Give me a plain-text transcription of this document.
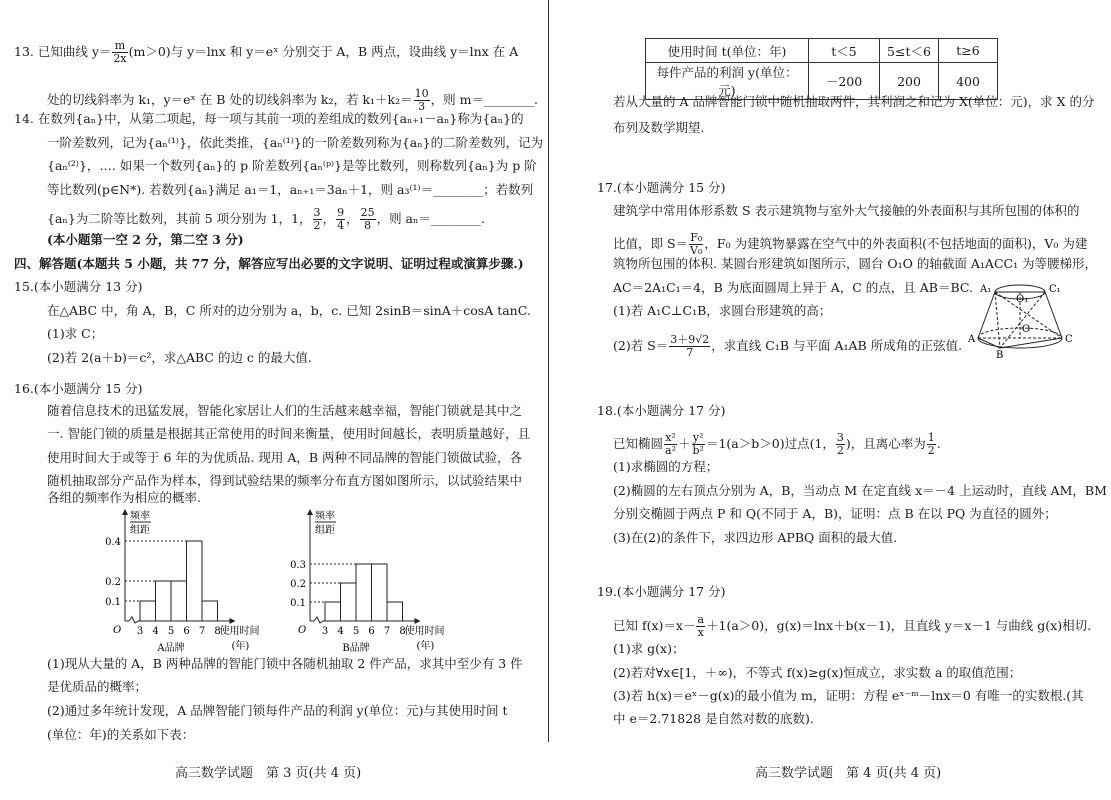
13. 已知曲线 $y= \frac{m}{2x} (m>0)$与 y＝lnx 和 y＝eˣ 分别交于 A，B 两点，设曲线 y＝lnx 在 A
处的切线斜率为 k₁，y＝eˣ 在 B 处的切线斜率为 k₂，若 $k_1+k_2= \frac{10}{3}$ ，则 m＝________.
14. 在数列{aₙ}中，从第二项起，每一项与其前一项的差组成的数列{aₙ₊₁－aₙ}称为{aₙ}的
一阶差数列，记为{aₙ⁽¹⁾}，依此类推，{aₙ⁽¹⁾}的一阶差数列称为{aₙ}的二阶差数列，记为
{aₙ⁽²⁾}，…. 如果一个数列{aₙ}的 p 阶差数列{aₙ⁽ᵖ⁾}是等比数列，则称数列{aₙ}为 p 阶
等比数列(p∈N*). 若数列{aₙ}满足 a₁＝1，aₙ₊₁＝3aₙ＋1，则 a₃⁽¹⁾＝________；若数列
{aₙ}为二阶等比数列，其前 5 项分别为 1，1， $\frac{3}{2}$ ， $\frac{9}{4}$ ， $\frac{25}{8}$ ，则 aₙ＝________.
(本小题第一空 2 分，第二空 3 分)
四、解答题(本题共 5 小题，共 77 分，解答应写出必要的文字说明、证明过程或演算步骤.)
15.(本小题满分 13 分)
在△ABC 中，角 A，B，C 所对的边分别为 a，b，c. 已知 2sinB＝sinA＋cosA tanC.
(1)求 C；
(2)若 2(a＋b)＝c²，求△ABC 的边 c 的最大值.
16.(本小题满分 15 分)
随着信息技术的迅猛发展，智能化家居让人们的生活越来越幸福，智能门锁就是其中之
一. 智能门锁的质量是根据其正常使用的时间来衡量，使用时间越长，表明质量越好，且
使用时间大于或等于 6 年的为优质品. 现用 A，B 两种不同品牌的智能门锁做试验，各
随机抽取部分产品作为样本，得到试验结果的频率分布直方图如图所示，以试验结果中
各组的频率作为相应的概率.
0.1
0.2
0.4
3 4 5 6 7 8
O
频率
组距
使用时间
(年)
A品牌
0.1
0.2
0.3
3 4 5 6 7 8
O
频率
组距
使用时间
(年)
B品牌
(1)现从大量的 A，B 两种品牌的智能门锁中各随机抽取 2 件产品，求其中至少有 3 件
是优质品的概率；
(2)通过多年统计发现，A 品牌智能门锁每件产品的利润 y(单位：元)与其使用时间 t
(单位：年)的关系如下表：
高三数学试题　第 3 页(共 4 页)
使用时间 t(单位：年)	t＜5	5≤t＜6	t≥6
每件产品的利润 y(单位：元)	－200	200	400
若从大量的 A 品牌智能门锁中随机抽取两件，其利润之和记为 X(单位：元)，求 X 的分
布列及数学期望.
17.(本小题满分 15 分)
建筑学中常用体形系数 S 表示建筑物与室外大气接触的外表面积与其所包围的体积的
比值，即 $S= \frac{\text{F₀}}{\text{V₀}}$ ，F₀ 为建筑物暴露在空气中的外表面积(不包括地面的面积)，V₀ 为建
筑物所包围的体积. 某圆台形建筑如图所示，圆台 O₁O 的轴截面 A₁ACC₁ 为等腰梯形，
AC＝2A₁C₁＝4，B 为底面圆周上异于 A，C 的点，且 AB＝BC.
(1)若 A₁C⊥C₁B，求圆台形建筑的高；
(2)若 $S= \frac{3+9√2}{7}$ ，求直线 C₁B 与平面 A₁AB 所成角的正弦值.
A₁	C₁
O₁
O
A
B
C
18.(本小题满分 17 分)
已知椭圆 $\frac{\text{x²}}{\text{a²}} + \frac{\text{y²}}{\text{b²}} =1(a>b>0)$过点(1， $\frac{3}{2}$ )，且离心率为 $\frac{1}{2}$ .
(1)求椭圆的方程；
(2)椭圆的左右顶点分别为 A，B，当动点 M 在定直线 x＝－4 上运动时，直线 AM，BM
分别交椭圆于两点 P 和 Q(不同于 A，B)，证明：点 B 在以 PQ 为直径的圆外；
(3)在(2)的条件下，求四边形 APBQ 面积的最大值.
19.(本小题满分 17 分)
已知 $f(x)=x- \frac{a}{x} +1(a>0)$，g(x)＝lnx＋b(x－1)，且直线 y＝x－1 与曲线 g(x)相切.
(1)求 g(x)；
(2)若对∀x∈[1，＋∞)，不等式 f(x)≥g(x)恒成立，求实数 a 的取值范围；
(3)若 h(x)＝eˣ－g(x)的最小值为 m，证明：方程 eˣ⁻ᵐ－lnx＝0 有唯一的实数根.(其
中 e＝2.71828 是自然对数的底数).
高三数学试题　第 4 页(共 4 页)
